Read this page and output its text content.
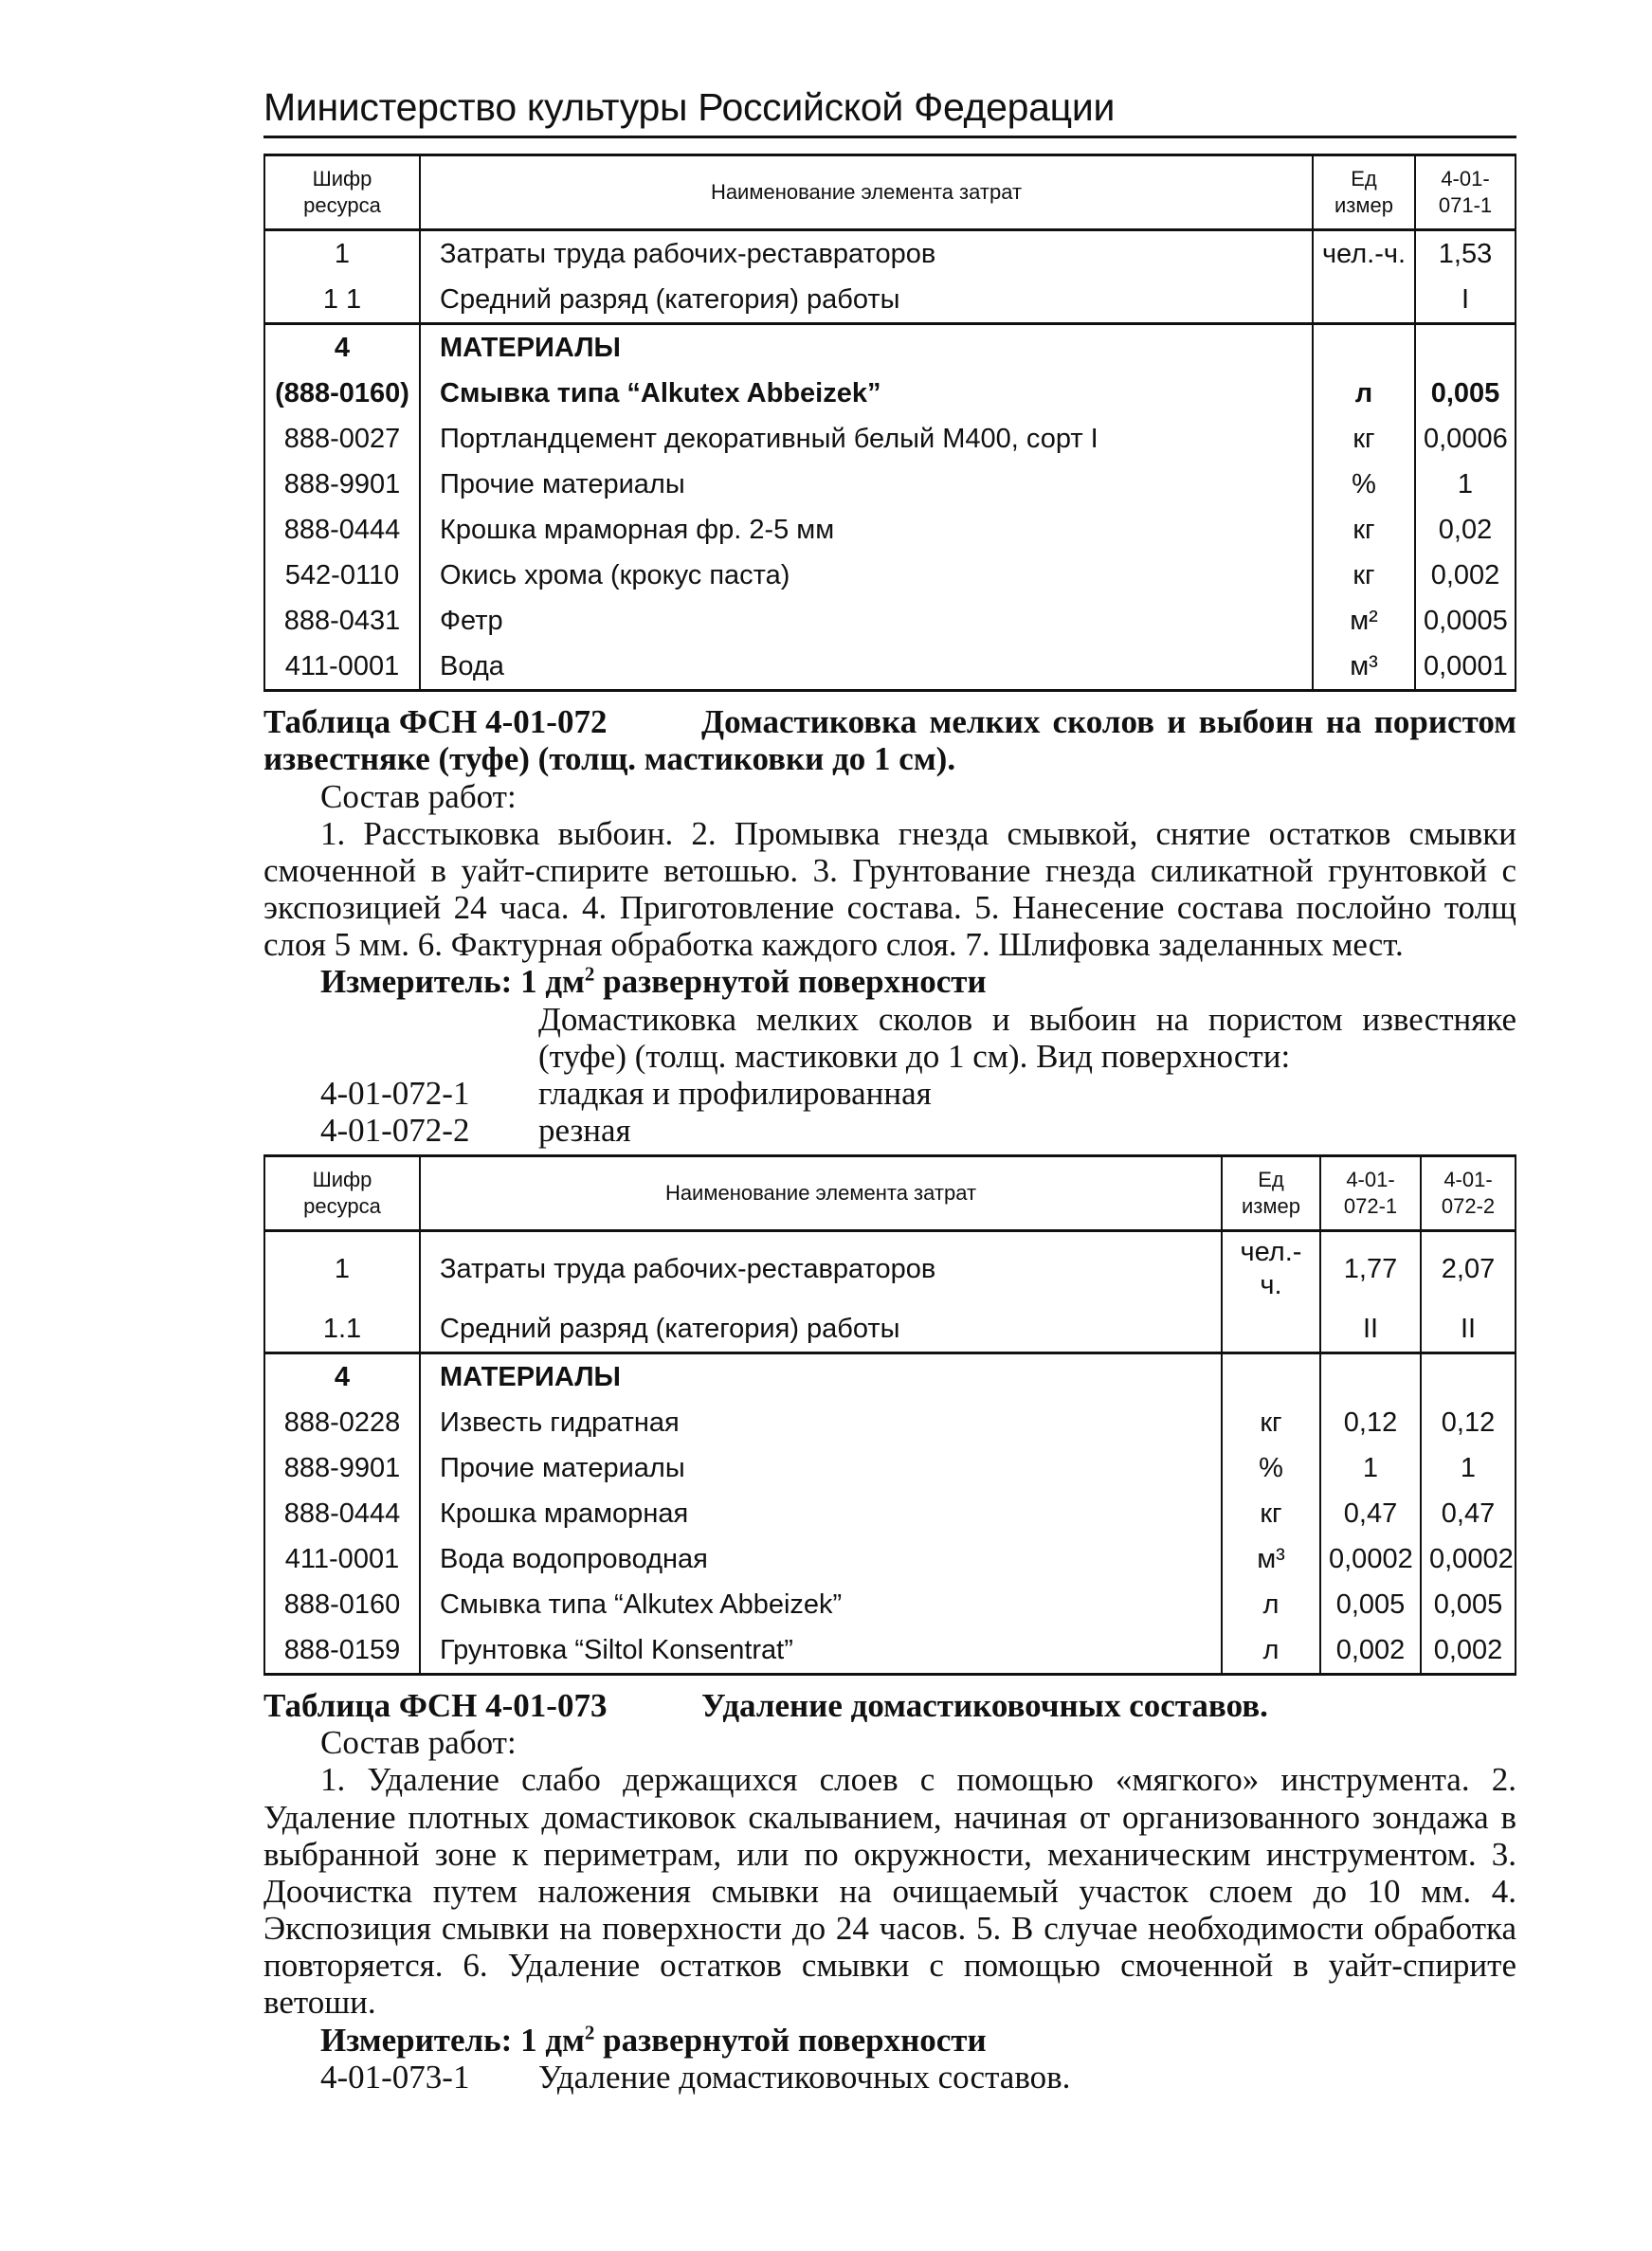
Министерство культуры Российской Федерации
Шифр ресурса	Наименование элемента затрат	Ед измер	4-01-071-1
1	Затраты труда рабочих-реставраторов	чел.-ч.	1,53
1 1	Средний разряд (категория) работы		I
4	МАТЕРИАЛЫ		
(888-0160)	Смывка типа “Alkutex Abbeizek”	л	0,005
888-0027	Портландцемент декоративный белый М400, сорт I	кг	0,0006
888-9901	Прочие материалы	%	1
888-0444	Крошка мраморная фр. 2-5 мм	кг	0,02
542-0110	Окись хрома (крокус паста)	кг	0,002
888-0431	Фетр	м²	0,0005
411-0001	Вода	м³	0,0001

Таблица ФСН 4-01-072	Домастиковка мелких сколов и выбоин на пористом известняке (туфе) (толщ. мастиковки до 1 см).

Состав работ:

1. Расстыковка выбоин. 2. Промывка гнезда смывкой, снятие остатков смывки смоченной в уайт-спирите ветошью. 3. Грунтование гнезда силикатной грунтовкой с экспозицией 24 часа. 4. Приготовление состава. 5. Нанесение состава послойно толщ слоя 5 мм. 6. Фактурная обработка каждого слоя. 7. Шлифовка заделанных мест.

Измеритель: 1 $дм^2$ развернутой поверхности

Домастиковка мелких сколов и выбоин на пористом известняке (туфе) (толщ. мастиковки до 1 см). Вид поверхности:

4-01-072-1	гладкая и профилированная
4-01-072-2	резная
Шифр ресурса	Наименование элемента затрат	Ед измер	4-01-072-1	4-01-072-2
1	Затраты труда рабочих-реставраторов	чел.-ч.	1,77	2,07
1.1	Средний разряд (категория) работы		II	II
4	МАТЕРИАЛЫ			
888-0228	Известь гидратная	кг	0,12	0,12
888-9901	Прочие материалы	%	1	1
888-0444	Крошка мраморная	кг	0,47	0,47
411-0001	Вода водопроводная	м³	0,0002	0,0002
888-0160	Смывка типа “Alkutex Abbeizek”	л	0,005	0,005
888-0159	Грунтовка “Siltol Konsentrat”	л	0,002	0,002

Таблица ФСН 4-01-073	Удаление домастиковочных составов.

Состав работ:

1. Удаление слабо держащихся слоев с помощью «мягкого» инструмента. 2. Удаление плотных домастиковок скалыванием, начиная от организованного зондажа в выбранной зоне к периметрам, или по окружности, механическим инструментом. 3. Доочистка путем наложения смывки на очищаемый участок слоем до 10 мм. 4. Экспозиция смывки на поверхности до 24 часов. 5. В случае необходимости обработка повторяется. 6. Удаление остатков смывки с помощью смоченной в уайт-спирите ветоши.

Измеритель: 1 $дм^2$ развернутой поверхности

4-01-073-1	Удаление домастиковочных составов.
